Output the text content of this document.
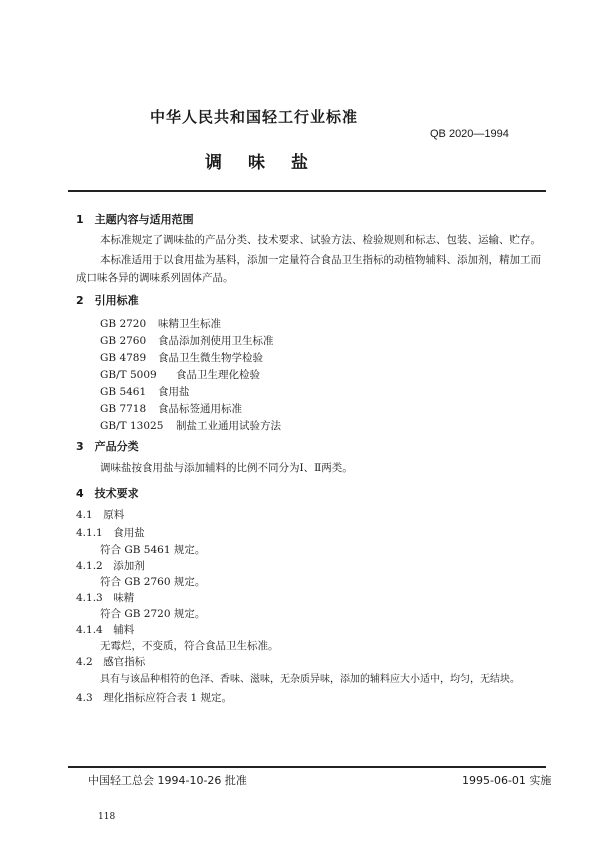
中华人民共和国轻工行业标准
QB 2020—1994
调 味 盐
1　主题内容与适用范围
本标准规定了调味盐的产品分类、技术要求、试验方法、检验规则和标志、包装、运输、贮存。
本标准适用于以食用盐为基料，添加一定量符合食品卫生指标的动植物辅料、添加剂，精加工而成口味各异的调味系列固体产品。
2　引用标准
GB 2720 味精卫生标准
GB 2760 食品添加剂使用卫生标准
GB 4789 食品卫生微生物学检验
GB/T 5009 食品卫生理化检验
GB 5461 食用盐
GB 7718 食品标签通用标准
GB/T 13025 制盐工业通用试验方法
3　产品分类
调味盐按食用盐与添加辅料的比例不同分为Ⅰ、Ⅱ两类。
4　技术要求
4.1　原料
4.1.1　食用盐
符合 GB 5461 规定。
4.1.2　添加剂
符合 GB 2760 规定。
4.1.3　味精
符合 GB 2720 规定。
4.1.4　辅料
无霉烂，不变质，符合食品卫生标准。
4.2　感官指标
具有与该品种相符的色泽、香味、滋味，无杂质异味，添加的辅料应大小适中，均匀，无结块。
4.3　理化指标应符合表 1 规定。
中国轻工总会 1994-10-26 批准	1995-06-01 实施
118
